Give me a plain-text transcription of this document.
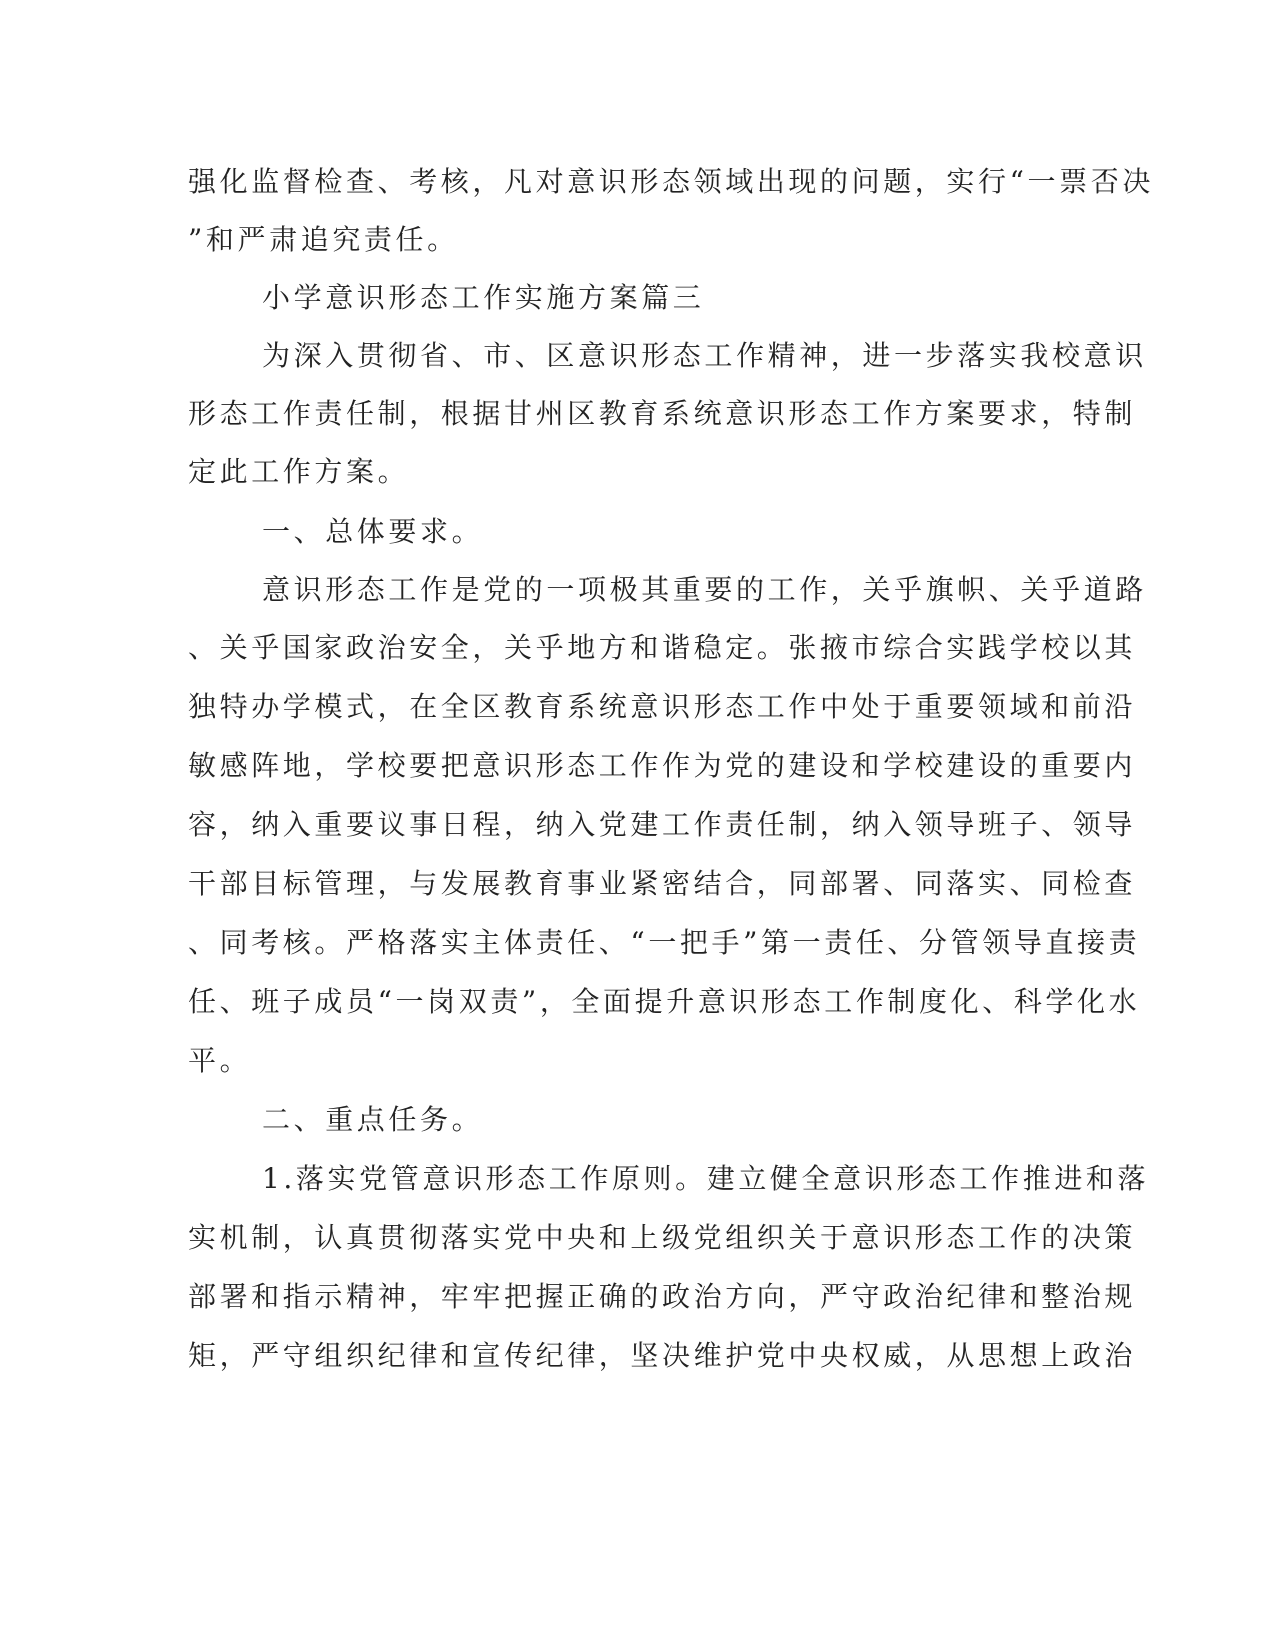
强化监督检查、考核，凡对意识形态领域出现的问题，实行“一票否决
”和严肃追究责任。
小学意识形态工作实施方案篇三
为深入贯彻省、市、区意识形态工作精神，进一步落实我校意识
形态工作责任制，根据甘州区教育系统意识形态工作方案要求，特制
定此工作方案。
一、总体要求。
意识形态工作是党的一项极其重要的工作，关乎旗帜、关乎道路
、关乎国家政治安全，关乎地方和谐稳定。张掖市综合实践学校以其
独特办学模式，在全区教育系统意识形态工作中处于重要领域和前沿
敏感阵地，学校要把意识形态工作作为党的建设和学校建设的重要内
容，纳入重要议事日程，纳入党建工作责任制，纳入领导班子、领导
干部目标管理，与发展教育事业紧密结合，同部署、同落实、同检查
、同考核。严格落实主体责任、“一把手”第一责任、分管领导直接责
任、班子成员“一岗双责”，全面提升意识形态工作制度化、科学化水
平。
二、重点任务。
1.落实党管意识形态工作原则。建立健全意识形态工作推进和落
实机制，认真贯彻落实党中央和上级党组织关于意识形态工作的决策
部署和指示精神，牢牢把握正确的政治方向，严守政治纪律和整治规
矩，严守组织纪律和宣传纪律，坚决维护党中央权威，从思想上政治
